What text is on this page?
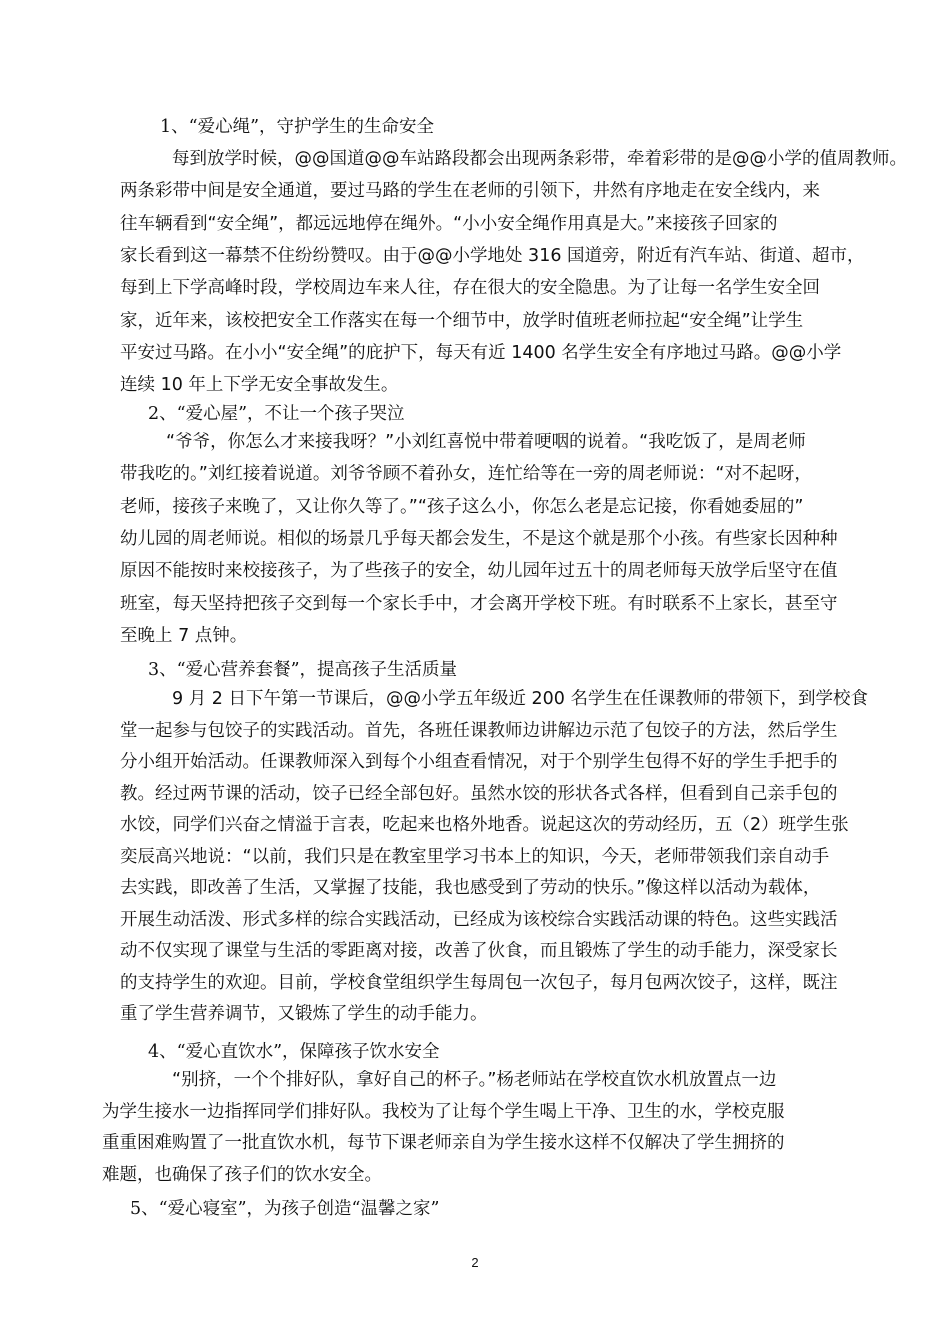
1、“爱心绳”，守护学生的生命安全
每到放学时候，@@国道@@车站路段都会出现两条彩带，牵着彩带的是@@小学的值周教师。
两条彩带中间是安全通道，要过马路的学生在老师的引领下，井然有序地走在安全线内，来
往车辆看到“安全绳”，都远远地停在绳外。“小小安全绳作用真是大。”来接孩子回家的
家长看到这一幕禁不住纷纷赞叹。由于@@小学地处 316 国道旁，附近有汽车站、街道、超市，
每到上下学高峰时段，学校周边车来人往，存在很大的安全隐患。为了让每一名学生安全回
家，近年来，该校把安全工作落实在每一个细节中，放学时值班老师拉起“安全绳”让学生
平安过马路。在小小“安全绳”的庇护下，每天有近 1400 名学生安全有序地过马路。@@小学
连续 10 年上下学无安全事故发生。
2、“爱心屋”，不让一个孩子哭泣
“爷爷，你怎么才来接我呀？”小刘红喜悦中带着哽咽的说着。“我吃饭了，是周老师
带我吃的。”刘红接着说道。刘爷爷顾不着孙女，连忙给等在一旁的周老师说：“对不起呀，
老师，接孩子来晚了，又让你久等了。”“孩子这么小，你怎么老是忘记接，你看她委屈的”
幼儿园的周老师说。相似的场景几乎每天都会发生，不是这个就是那个小孩。有些家长因种种
原因不能按时来校接孩子，为了些孩子的安全，幼儿园年过五十的周老师每天放学后坚守在值
班室，每天坚持把孩子交到每一个家长手中，才会离开学校下班。有时联系不上家长，甚至守
至晚上 7 点钟。
3、“爱心营养套餐”，提高孩子生活质量
9 月 2 日下午第一节课后，@@小学五年级近 200 名学生在任课教师的带领下，到学校食
堂一起参与包饺子的实践活动。首先，各班任课教师边讲解边示范了包饺子的方法，然后学生
分小组开始活动。任课教师深入到每个小组查看情况，对于个别学生包得不好的学生手把手的
教。经过两节课的活动，饺子已经全部包好。虽然水饺的形状各式各样，但看到自己亲手包的
水饺，同学们兴奋之情溢于言表，吃起来也格外地香。说起这次的劳动经历，五（2）班学生张
奕辰高兴地说：“以前，我们只是在教室里学习书本上的知识，今天，老师带领我们亲自动手
去实践，即改善了生活，又掌握了技能，我也感受到了劳动的快乐。”像这样以活动为载体，
开展生动活泼、形式多样的综合实践活动，已经成为该校综合实践活动课的特色。这些实践活
动不仅实现了课堂与生活的零距离对接，改善了伙食，而且锻炼了学生的动手能力，深受家长
的支持学生的欢迎。目前，学校食堂组织学生每周包一次包子，每月包两次饺子，这样，既注
重了学生营养调节，又锻炼了学生的动手能力。
4、“爱心直饮水”，保障孩子饮水安全
“别挤，一个个排好队，拿好自己的杯子。”杨老师站在学校直饮水机放置点一边
为学生接水一边指挥同学们排好队。我校为了让每个学生喝上干净、卫生的水，学校克服
重重困难购置了一批直饮水机，每节下课老师亲自为学生接水这样不仅解决了学生拥挤的
难题，也确保了孩子们的饮水安全。
5、“爱心寝室”，为孩子创造“温馨之家”
2
